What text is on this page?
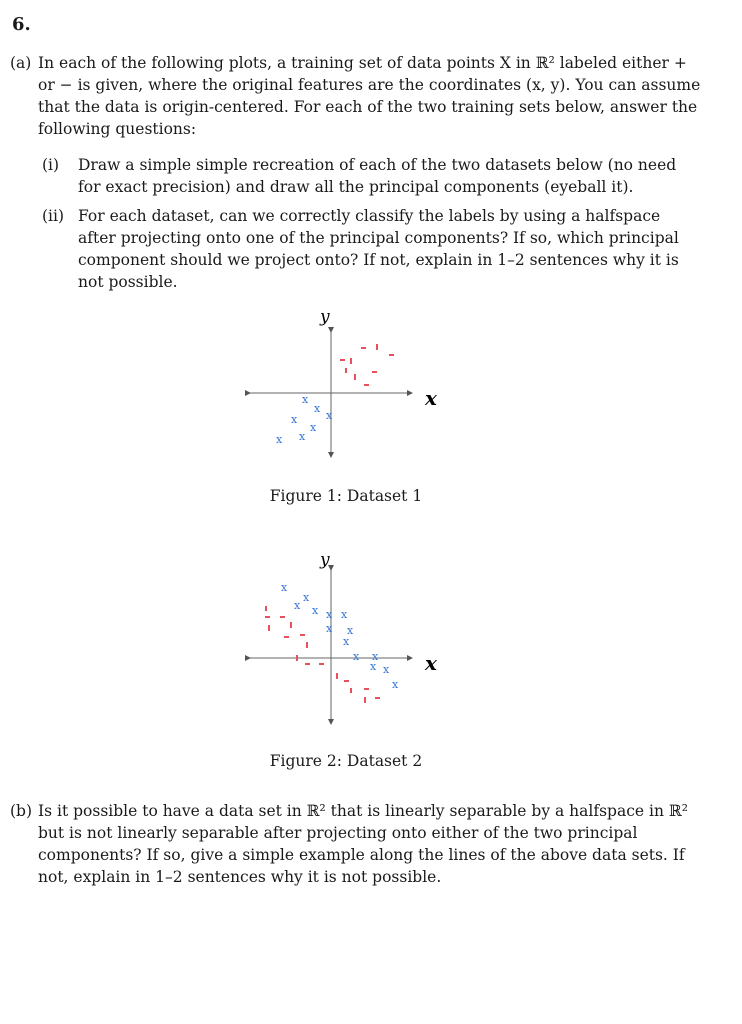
6.
(a) In each of the following plots, a training set of data points X in ℝ² labeled either + or − is given, where the original features are the coordinates (x, y). You can assume that the data is origin-centered. For each of the two training sets below, answer the following questions:
(i) Draw a simple simple recreation of each of the two datasets below (no need for exact precision) and draw all the principal components (eyeball it).
(ii) For each dataset, can we correctly classify the labels by using a halfspace after projecting onto one of the principal components? If so, which principal component should we project onto? If not, explain in 1–2 sentences why it is not possible.
y
x
x
x
x
x
x
x x
y
x
x
x
x x x x
x x
x
x x
x x
x
Figure 1: Dataset 1
Figure 2: Dataset 2
(b) Is it possible to have a data set in ℝ² that is linearly separable by a halfspace in ℝ² but is not linearly separable after projecting onto either of the two principal components? If so, give a simple example along the lines of the above data sets. If not, explain in 1–2 sentences why it is not possible.
